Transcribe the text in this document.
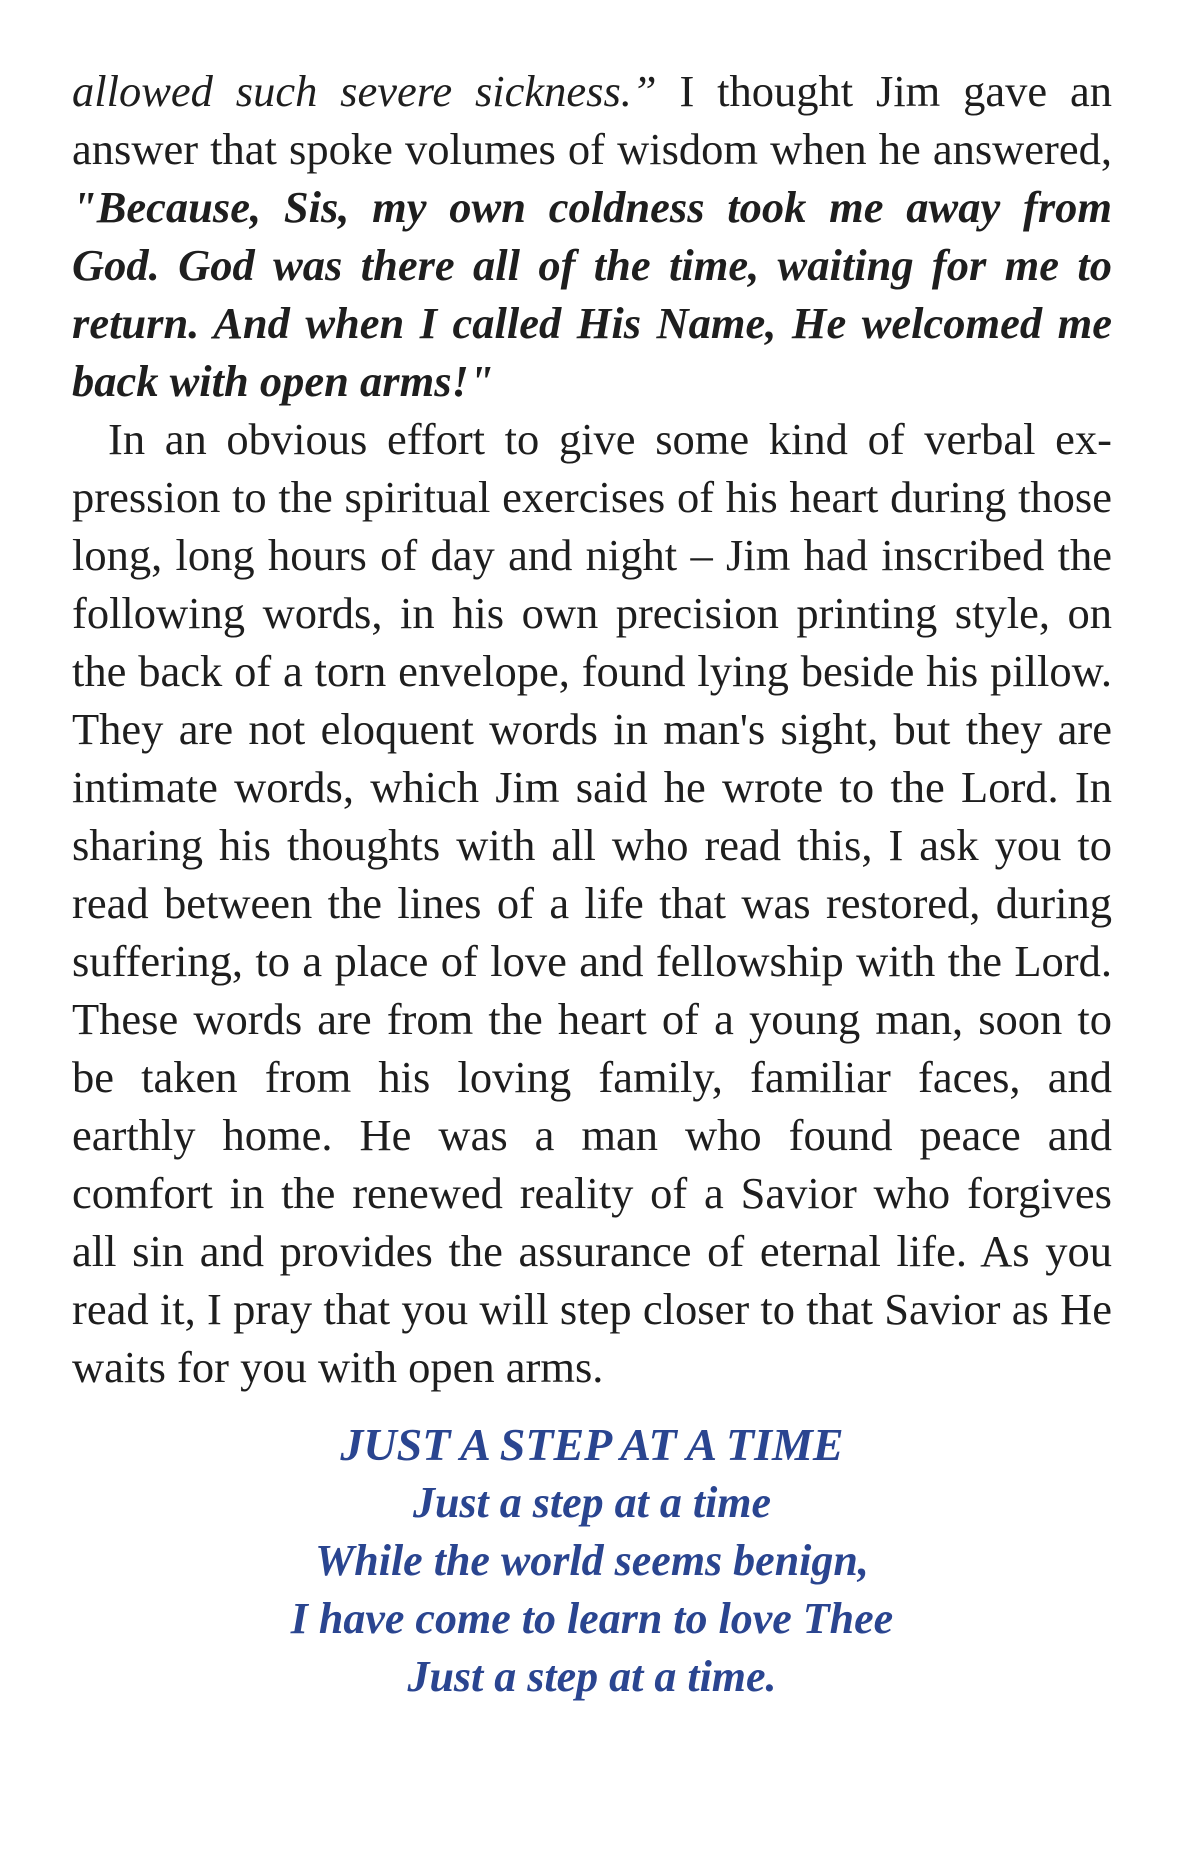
allowed such severe sickness.” I thought Jim gave an answer that spoke volumes of wisdom when he answered, "Because, Sis, my own coldness took me away from God. God was there all of the time, waiting for me to return. And when I called His Name, He welcomed me back with open arms!"

In an obvious effort to give some kind of verbal expression to the spiritual exercises of his heart during those long, long hours of day and night – Jim had inscribed the following words, in his own precision printing style, on the back of a torn envelope, found lying beside his pillow. They are not eloquent words in man's sight, but they are intimate words, which Jim said he wrote to the Lord. In sharing his thoughts with all who read this, I ask you to read between the lines of a life that was restored, during suffering, to a place of love and fellowship with the Lord. These words are from the heart of a young man, soon to be taken from his loving family, familiar faces, and earthly home. He was a man who found peace and comfort in the renewed reality of a Savior who forgives all sin and provides the assurance of eternal life. As you read it, I pray that you will step closer to that Savior as He waits for you with open arms.

JUST A STEP AT A TIME
Just a step at a time
While the world seems benign,
I have come to learn to love Thee
Just a step at a time.
